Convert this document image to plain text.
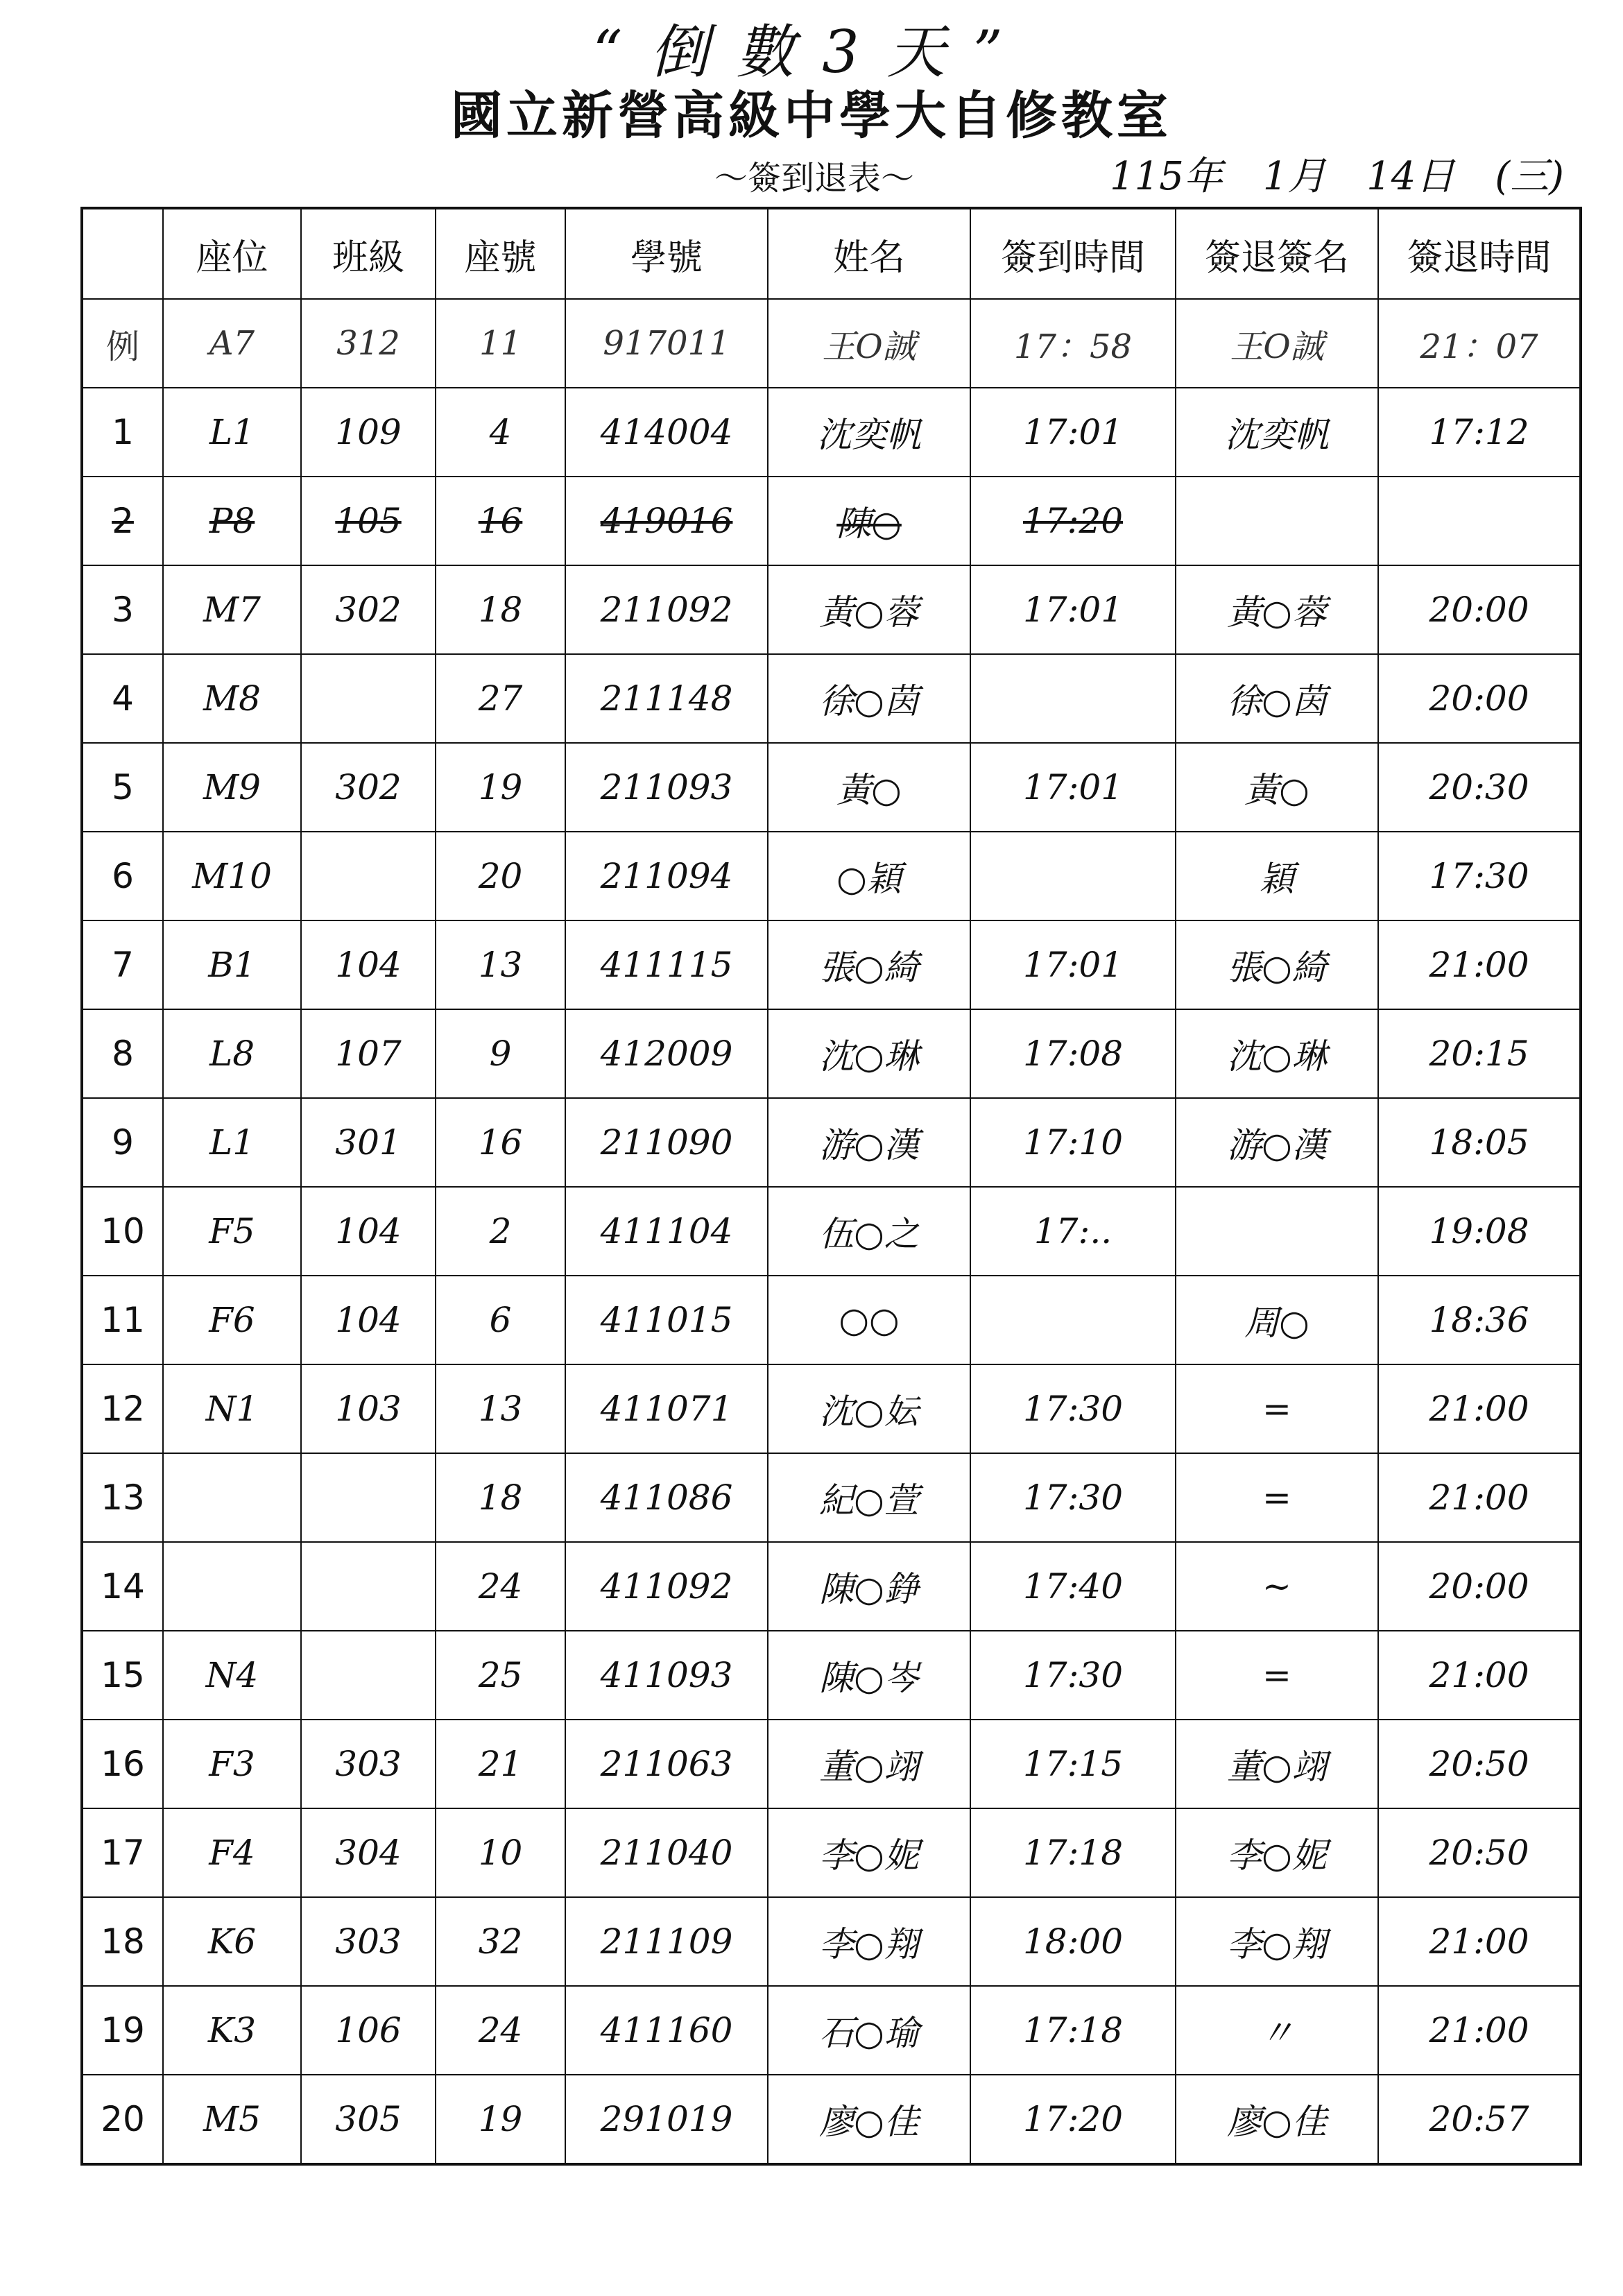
“倒數3天”
國立新營高級中學大自修教室
～簽到退表～	115年 1月 14日 (三)
	座位	班級	座號	學號	姓名	簽到時間	簽退簽名	簽退時間
例	A7	312	11	917011	王O誠	17：58	王O誠	21：07
1	L1	109	4	414004	沈奕帆	17:01	沈奕帆	17:12
2	P8	105	16	419016	陳○	17:20		
3	M7	302	18	211092	黃○蓉	17:01	黃○蓉	20:00
4	M8		27	211148	徐○茵		徐○茵	20:00
5	M9	302	19	211093	黃○	17:01	黃○	20:30
6	M10		20	211094	○穎		穎	17:30
7	B1	104	13	411115	張○綺	17:01	張○綺	21:00
8	L8	107	9	412009	沈○琳	17:08	沈○琳	20:15
9	L1	301	16	211090	游○漢	17:10	游○漢	18:05
10	F5	104	2	411104	伍○之	17:..		19:08
11	F6	104	6	411015	○○		周○	18:36
12	N1	103	13	411071	沈○妘	17:30	=	21:00
13			18	411086	紀○萱	17:30	=	21:00
14			24	411092	陳○錚	17:40	~	20:00
15	N4		25	411093	陳○岑	17:30	=	21:00
16	F3	303	21	211063	董○翊	17:15	董○翊	20:50
17	F4	304	10	211040	李○妮	17:18	李○妮	20:50
18	K6	303	32	211109	李○翔	18:00	李○翔	21:00
19	K3	106	24	411160	石○瑜	17:18	〃	21:00
20	M5	305	19	291019	廖○佳	17:20	廖○佳	20:57
